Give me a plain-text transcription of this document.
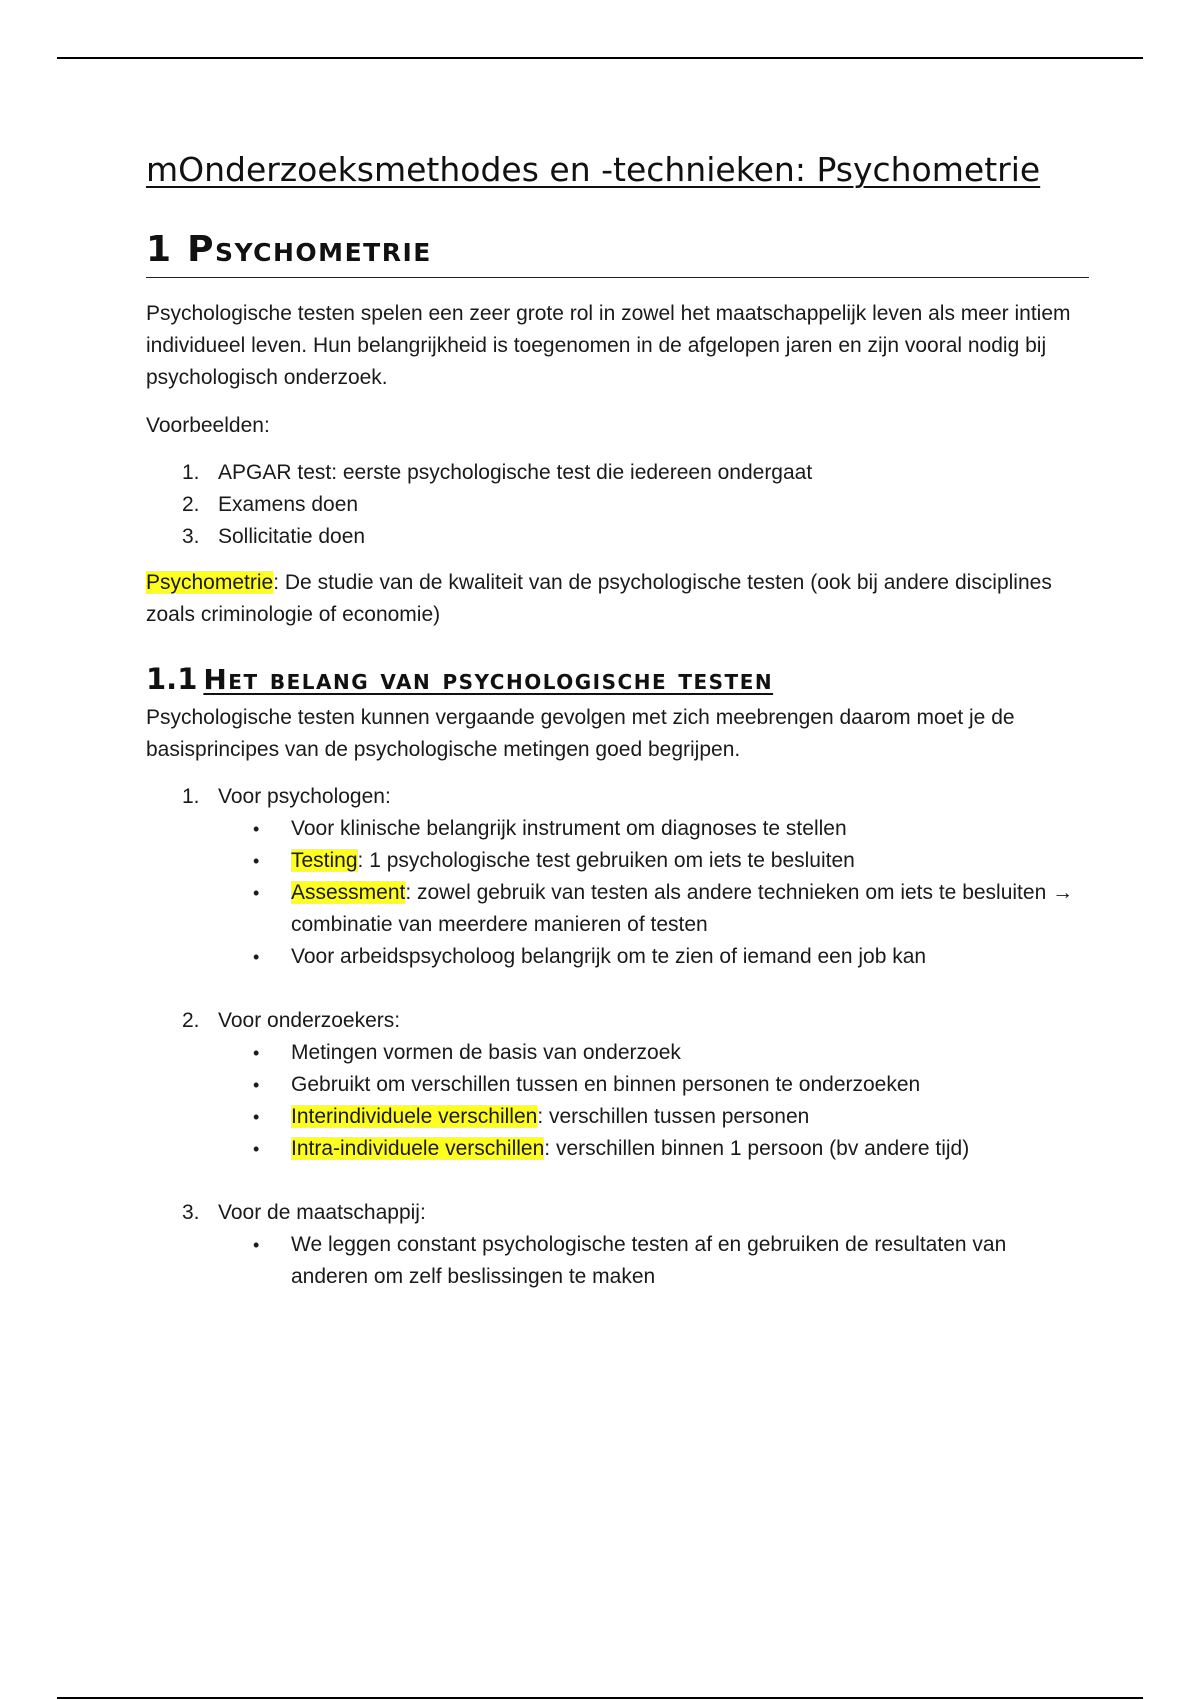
mOnderzoeksmethodes en -technieken: Psychometrie
1 Psychometrie

Psychologische testen spelen een zeer grote rol in zowel het maatschappelijk leven als meer intiem individueel leven. Hun belangrijkheid is toegenomen in de afgelopen jaren en zijn vooral nodig bij psychologisch onderzoek.

Voorbeelden:

1. APGAR test: eerste psychologische test die iedereen ondergaat
2. Examens doen
3. Sollicitatie doen

Psychometrie: De studie van de kwaliteit van de psychologische testen (ook bij andere disciplines zoals criminologie of economie)

1.1 Het belang van psychologische testen

Psychologische testen kunnen vergaande gevolgen met zich meebrengen daarom moet je de basisprincipes van de psychologische metingen goed begrijpen.

1. Voor psychologen:
• Voor klinische belangrijk instrument om diagnoses te stellen
• Testing: 1 psychologische test gebruiken om iets te besluiten
• Assessment: zowel gebruik van testen als andere technieken om iets te besluiten → combinatie van meerdere manieren of testen
• Voor arbeidspsycholoog belangrijk om te zien of iemand een job kan
2. Voor onderzoekers:
• Metingen vormen de basis van onderzoek
• Gebruikt om verschillen tussen en binnen personen te onderzoeken
• Interindividuele verschillen: verschillen tussen personen
• Intra-individuele verschillen: verschillen binnen 1 persoon (bv andere tijd)
3. Voor de maatschappij:
• We leggen constant psychologische testen af en gebruiken de resultaten van anderen om zelf beslissingen te maken
